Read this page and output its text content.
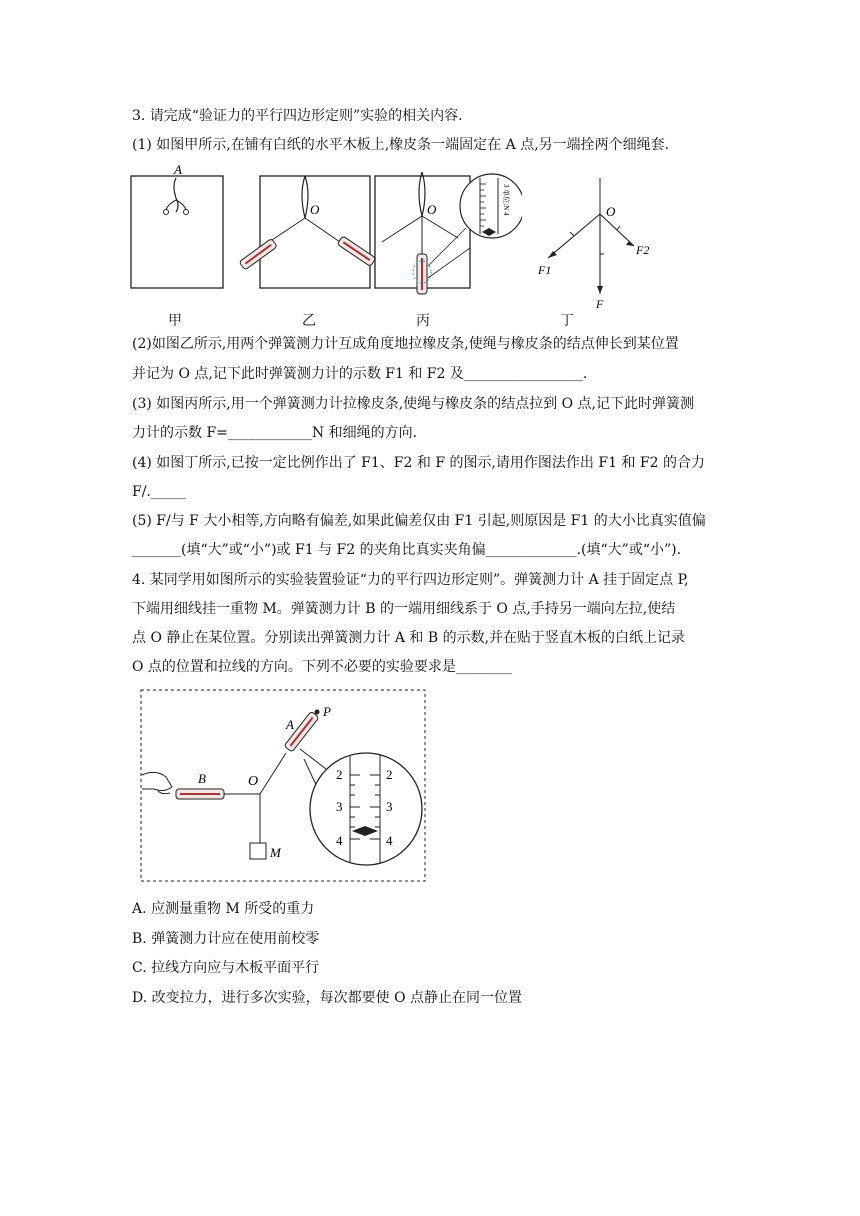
3. 请完成“验证力的平行四边形定则”实验的相关内容.
(1) 如图甲所示,在铺有白纸的水平木板上,橡皮条一端固定在 A 点,另一端拴两个细绳套.
A
O	O	3 单位:N 4	O
F1
F2
F
甲	乙	丙	丁
(2)如图乙所示,用两个弹簧测力计互成角度地拉橡皮条,使绳与橡皮条的结点伸长到某位置
并记为 O 点,记下此时弹簧测力计的示数 F1 和 F2 及_________________.
(3) 如图丙所示,用一个弹簧测力计拉橡皮条,使绳与橡皮条的结点拉到 O 点,记下此时弹簧测
力计的示数 F=____________N 和细绳的方向.
(4) 如图丁所示,已按一定比例作出了 F1、F2 和 F 的图示,请用作图法作出 F1 和 F2 的合力
F/._____
(5) F/与 F 大小相等,方向略有偏差,如果此偏差仅由 F1 引起,则原因是 F1 的大小比真实值偏
_______(填“大”或“小”)或 F1 与 F2 的夹角比真实夹角偏_____________.(填“大”或“小”).
4. 某同学用如图所示的实验装置验证“力的平行四边形定则”。弹簧测力计 A 挂于固定点 P,
下端用细线挂一重物 M。弹簧测力计 B 的一端用细线系于 O 点,手持另一端向左拉,使结
点 O 静止在某位置。分别读出弹簧测力计 A 和 B 的示数,并在贴于竖直木板的白纸上记录
O 点的位置和拉线的方向。下列不必要的实验要求是________
B	O
M
A
P
2	2
3	3
4	4
A. 应测量重物 M 所受的重力
B. 弹簧测力计应在使用前校零
C. 拉线方向应与木板平面平行
D. 改变拉力，进行多次实验，每次都要使 O 点静止在同一位置
